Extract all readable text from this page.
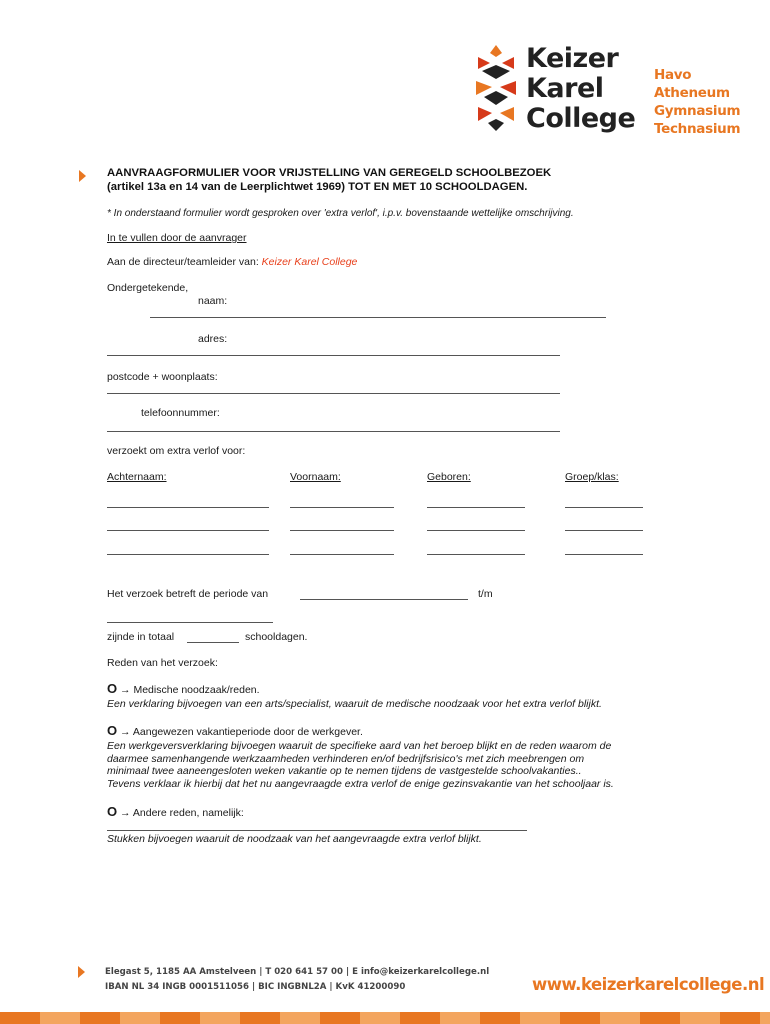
Keizer
Karel
College
Havo
Atheneum
Gymnasium
Technasium
AANVRAAGFORMULIER VOOR VRIJSTELLING VAN GEREGELD SCHOOLBEZOEK
(artikel 13a en 14 van de Leerplichtwet 1969) TOT EN MET 10 SCHOOLDAGEN.
* In onderstaand formulier wordt gesproken over 'extra verlof', i.p.v. bovenstaande wettelijke omschrijving.
In te vullen door de aanvrager
Aan de directeur/teamleider van: Keizer Karel College
Ondergetekende,
naam:
adres:
postcode + woonplaats:
telefoonnummer:
verzoekt om extra verlof voor:
Achternaam:	Voornaam:	Geboren:	Groep/klas:
Het verzoek betreft de periode van	t/m
zijnde in totaal	schooldagen.
Reden van het verzoek:
O → Medische noodzaak/reden.
Een verklaring bijvoegen van een arts/specialist, waaruit de medische noodzaak voor het extra verlof blijkt.
O → Aangewezen vakantieperiode door de werkgever.
Een werkgeversverklaring bijvoegen waaruit de specifieke aard van het beroep blijkt en de reden waarom de
daarmee samenhangende werkzaamheden verhinderen en/of bedrijfsrisico's met zich meebrengen om
minimaal twee aaneengesloten weken vakantie op te nemen tijdens de vastgestelde schoolvakanties..
Tevens verklaar ik hierbij dat het nu aangevraagde extra verlof de enige gezinsvakantie van het schooljaar is.
O → Andere reden, namelijk:
Stukken bijvoegen waaruit de noodzaak van het aangevraagde extra verlof blijkt.
Elegast 5, 1185 AA Amstelveen | T 020 641 57 00 | E info@keizerkarelcollege.nl
IBAN NL 34 INGB 0001511056 | BIC INGBNL2A | KvK 41200090	www.keizerkarelcollege.nl
